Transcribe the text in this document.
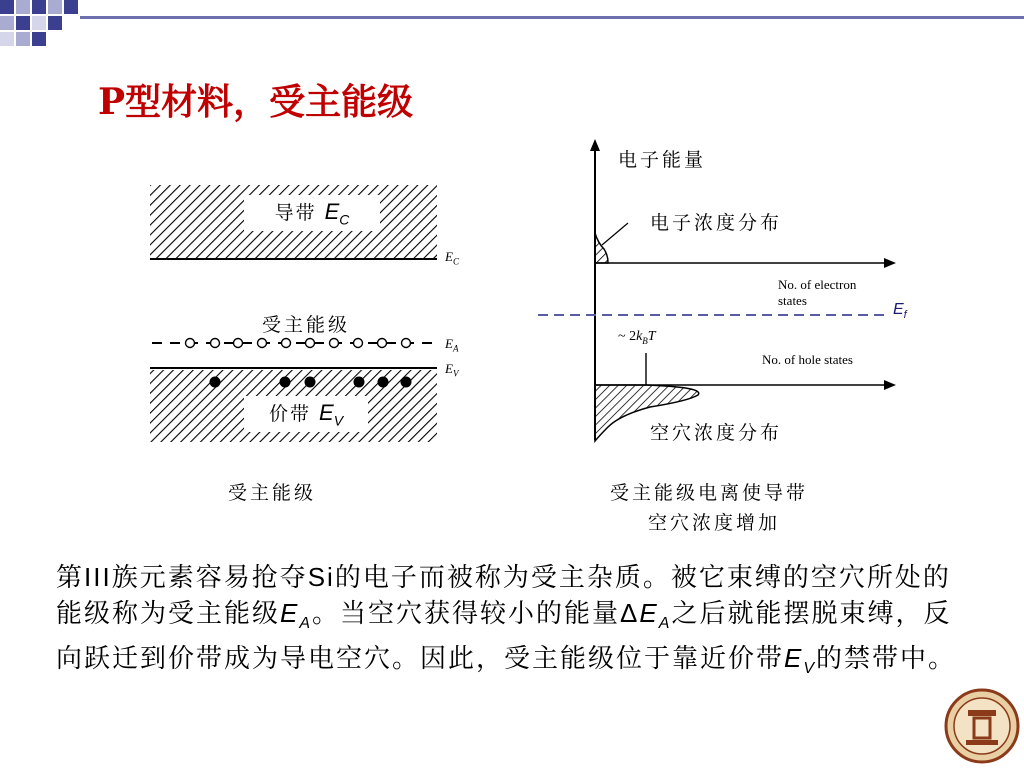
P型材料，受主能级
导带 $E_C$
价带 $E_V$
$E_C$
$E_A$
$E_V$
受主能级
受主能级
电子能量
电子浓度分布
No. of electron
states
$E_f$
~ $2k_BT$
No. of hole states
空穴浓度分布
受主能级电离使导带
空穴浓度增加
第III族元素容易抢夺Si的电子而被称为受主杂质。被它束缚的空穴所处的能级称为受主能级$E_A$。当空穴获得较小的能量$\Delta E_A$之后就能摆脱束缚，反向跃迁到价带成为导电空穴。因此，受主能级位于靠近价带$E_V$的禁带中。
